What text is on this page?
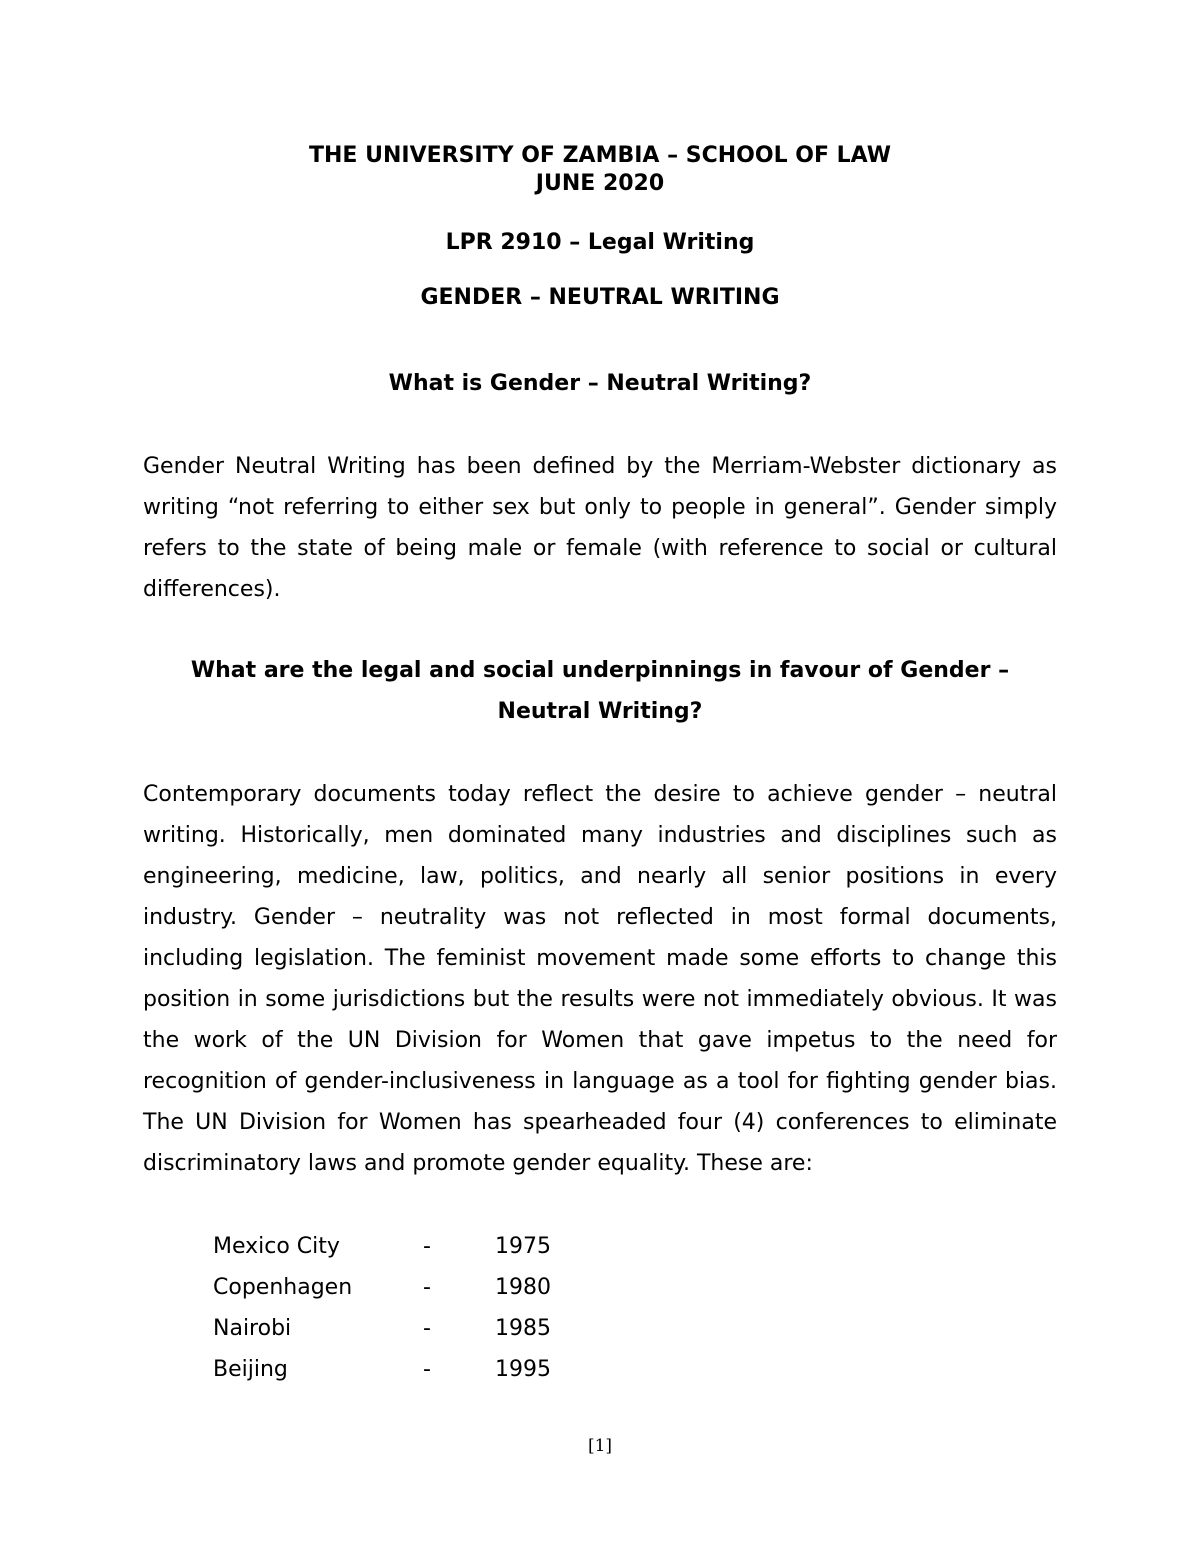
THE UNIVERSITY OF ZAMBIA – SCHOOL OF LAW
JUNE 2020
LPR 2910 – Legal Writing
GENDER – NEUTRAL WRITING
What is Gender – Neutral Writing?

Gender Neutral Writing has been defined by the Merriam-Webster dictionary as writing “not referring to either sex but only to people in general”. Gender simply refers to the state of being male or female (with reference to social or cultural differences).

What are the legal and social underpinnings in favour of Gender – Neutral Writing?

Contemporary documents today reflect the desire to achieve gender – neutral writing. Historically, men dominated many industries and disciplines such as engineering, medicine, law, politics, and nearly all senior positions in every industry. Gender – neutrality was not reflected in most formal documents, including legislation. The feminist movement made some efforts to change this position in some jurisdictions but the results were not immediately obvious. It was the work of the UN Division for Women that gave impetus to the need for recognition of gender-inclusiveness in language as a tool for fighting gender bias. The UN Division for Women has spearheaded four (4) conferences to eliminate discriminatory laws and promote gender equality. These are:

Mexico City	-	1975
Copenhagen	-	1980
Nairobi	-	1985
Beijing	-	1995
[1]
